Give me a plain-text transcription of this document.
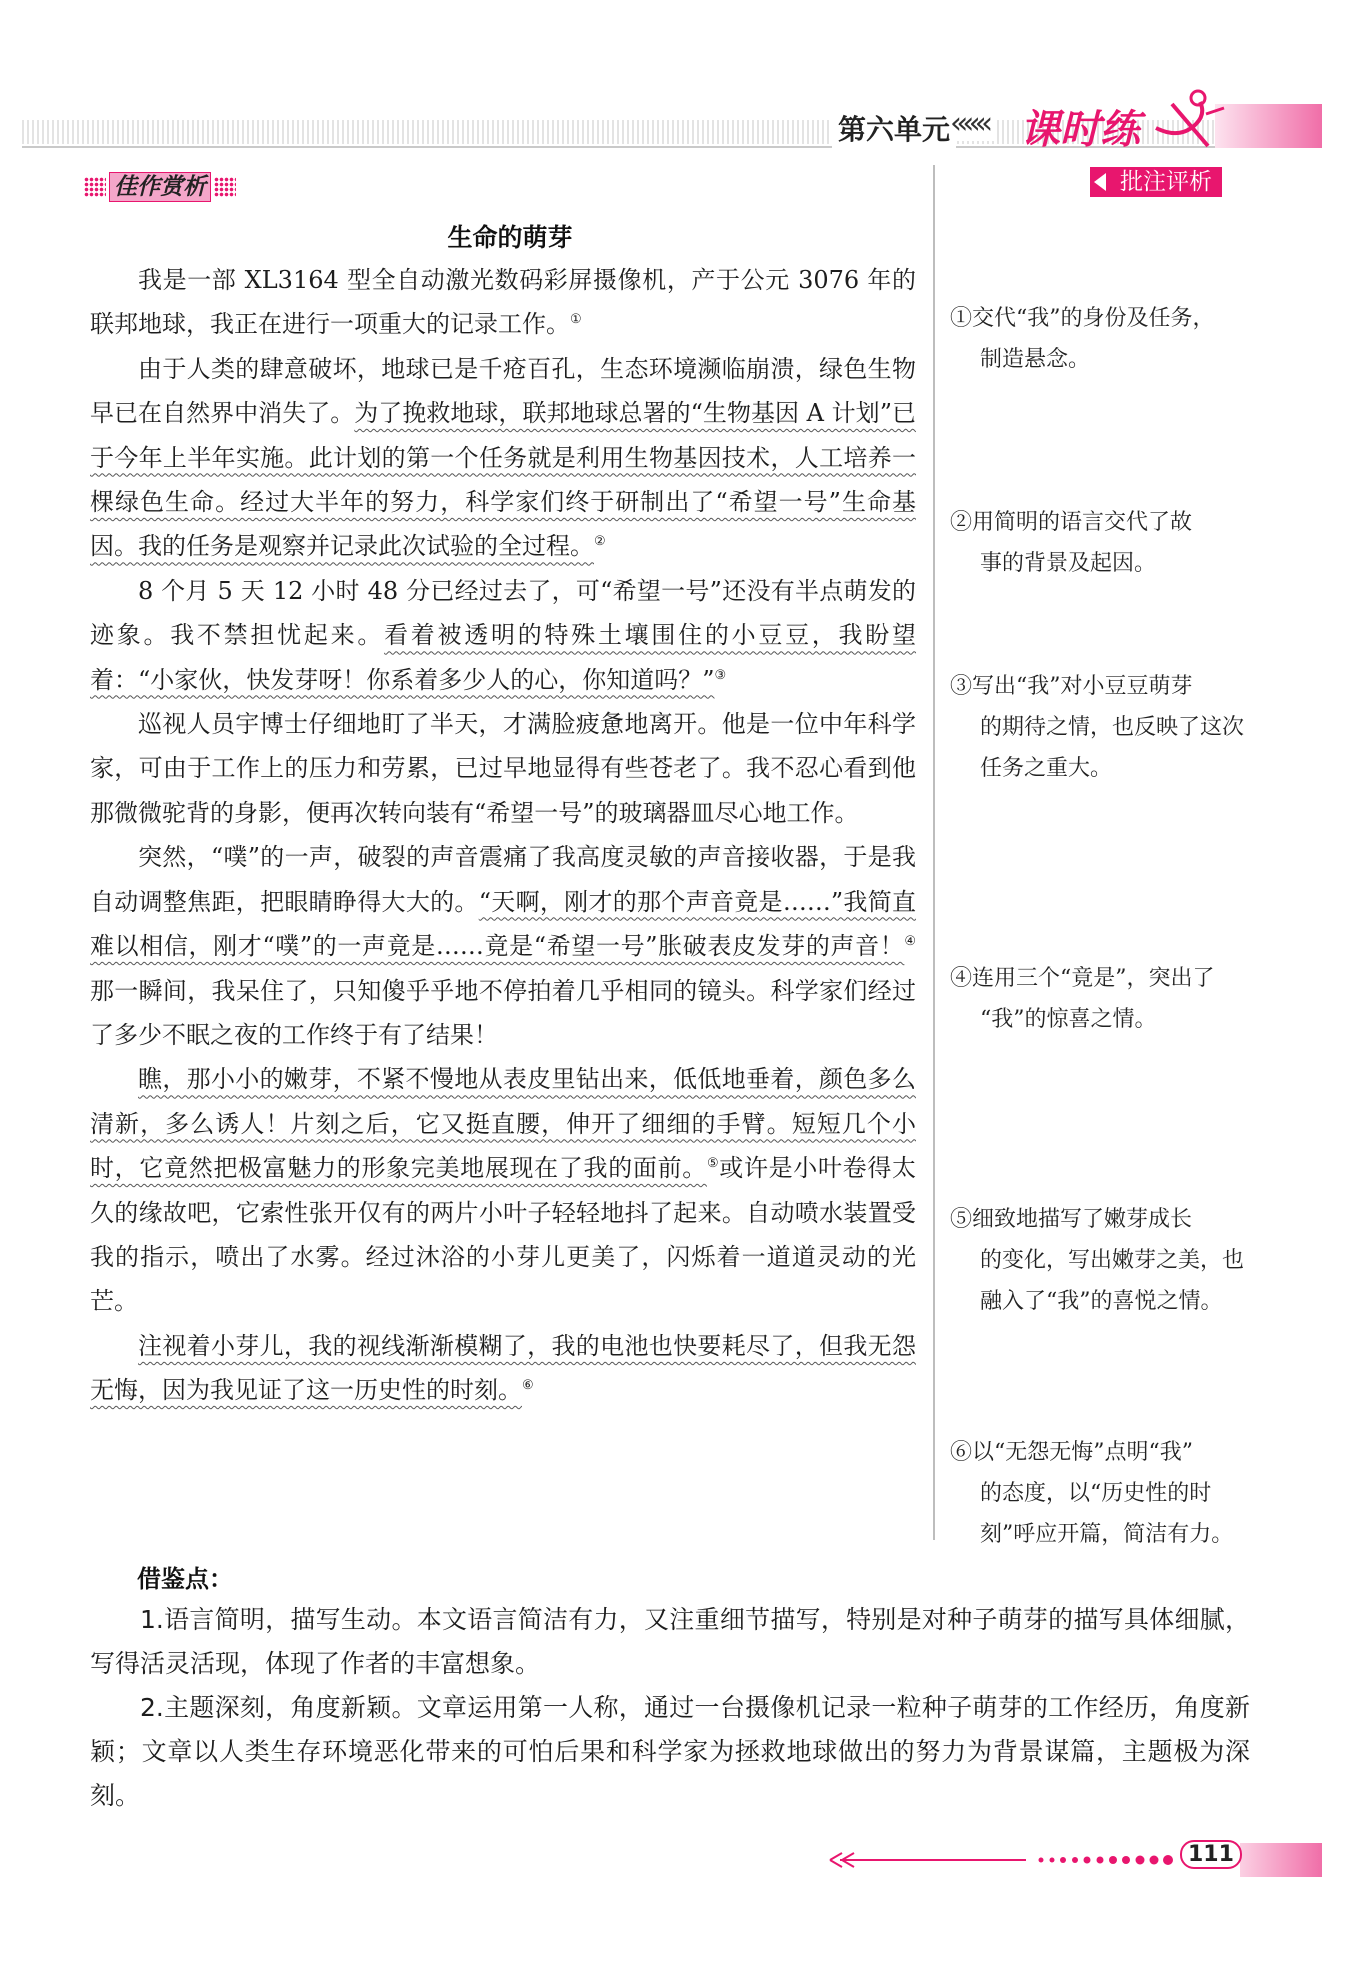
第六单元 ««« 课时练
佳作赏析	批注评析
生命的萌芽

我是一部 XL3164 型全自动激光数码彩屏摄像机，产于公元 3076 年的联邦地球，我正在进行一项重大的记录工作。①

由于人类的肆意破坏，地球已是千疮百孔，生态环境濒临崩溃，绿色生物早已在自然界中消失了。为了挽救地球，联邦地球总署的“生物基因 A 计划”已于今年上半年实施。此计划的第一个任务就是利用生物基因技术，人工培养一棵绿色生命。经过大半年的努力，科学家们终于研制出了“希望一号”生命基因。我的任务是观察并记录此次试验的全过程。②

8 个月 5 天 12 小时 48 分已经过去了，可“希望一号”还没有半点萌发的迹象。我不禁担忧起来。看着被透明的特殊土壤围住的小豆豆，我盼望着：“小家伙，快发芽呀！你系着多少人的心，你知道吗？”③

巡视人员宇博士仔细地盯了半天，才满脸疲惫地离开。他是一位中年科学家，可由于工作上的压力和劳累，已过早地显得有些苍老了。我不忍心看到他那微微驼背的身影，便再次转向装有“希望一号”的玻璃器皿尽心地工作。

突然，“噗”的一声，破裂的声音震痛了我高度灵敏的声音接收器，于是我自动调整焦距，把眼睛睁得大大的。“天啊，刚才的那个声音竟是……”我简直难以相信，刚才“噗”的一声竟是……竟是“希望一号”胀破表皮发芽的声音！④那一瞬间，我呆住了，只知傻乎乎地不停拍着几乎相同的镜头。科学家们经过了多少不眠之夜的工作终于有了结果！

瞧，那小小的嫩芽，不紧不慢地从表皮里钻出来，低低地垂着，颜色多么清新，多么诱人！片刻之后，它又挺直腰，伸开了细细的手臂。短短几个小时，它竟然把极富魅力的形象完美地展现在了我的面前。⑤或许是小叶卷得太久的缘故吧，它索性张开仅有的两片小叶子轻轻地抖了起来。自动喷水装置受我的指示，喷出了水雾。经过沐浴的小芽儿更美了，闪烁着一道道灵动的光芒。

注视着小芽儿，我的视线渐渐模糊了，我的电池也快要耗尽了，但我无怨无悔，因为我见证了这一历史性的时刻。⑥

①交代“我”的身份及任务，
制造悬念。
②用简明的语言交代了故
事的背景及起因。
③写出“我”对小豆豆萌芽
的期待之情，也反映了这次任务之重大。
④连用三个“竟是”，突出了
“我”的惊喜之情。
⑤细致地描写了嫩芽成长
的变化，写出嫩芽之美，也融入了“我”的喜悦之情。
⑥以“无怨无悔”点明“我”
的态度，以“历史性的时刻”呼应开篇，简洁有力。
借鉴点：

1.语言简明，描写生动。本文语言简洁有力，又注重细节描写，特别是对种子萌芽的描写具体细腻，写得活灵活现，体现了作者的丰富想象。

2.主题深刻，角度新颖。文章运用第一人称，通过一台摄像机记录一粒种子萌芽的工作经历，角度新颖；文章以人类生存环境恶化带来的可怕后果和科学家为拯救地球做出的努力为背景谋篇，主题极为深刻。

111
